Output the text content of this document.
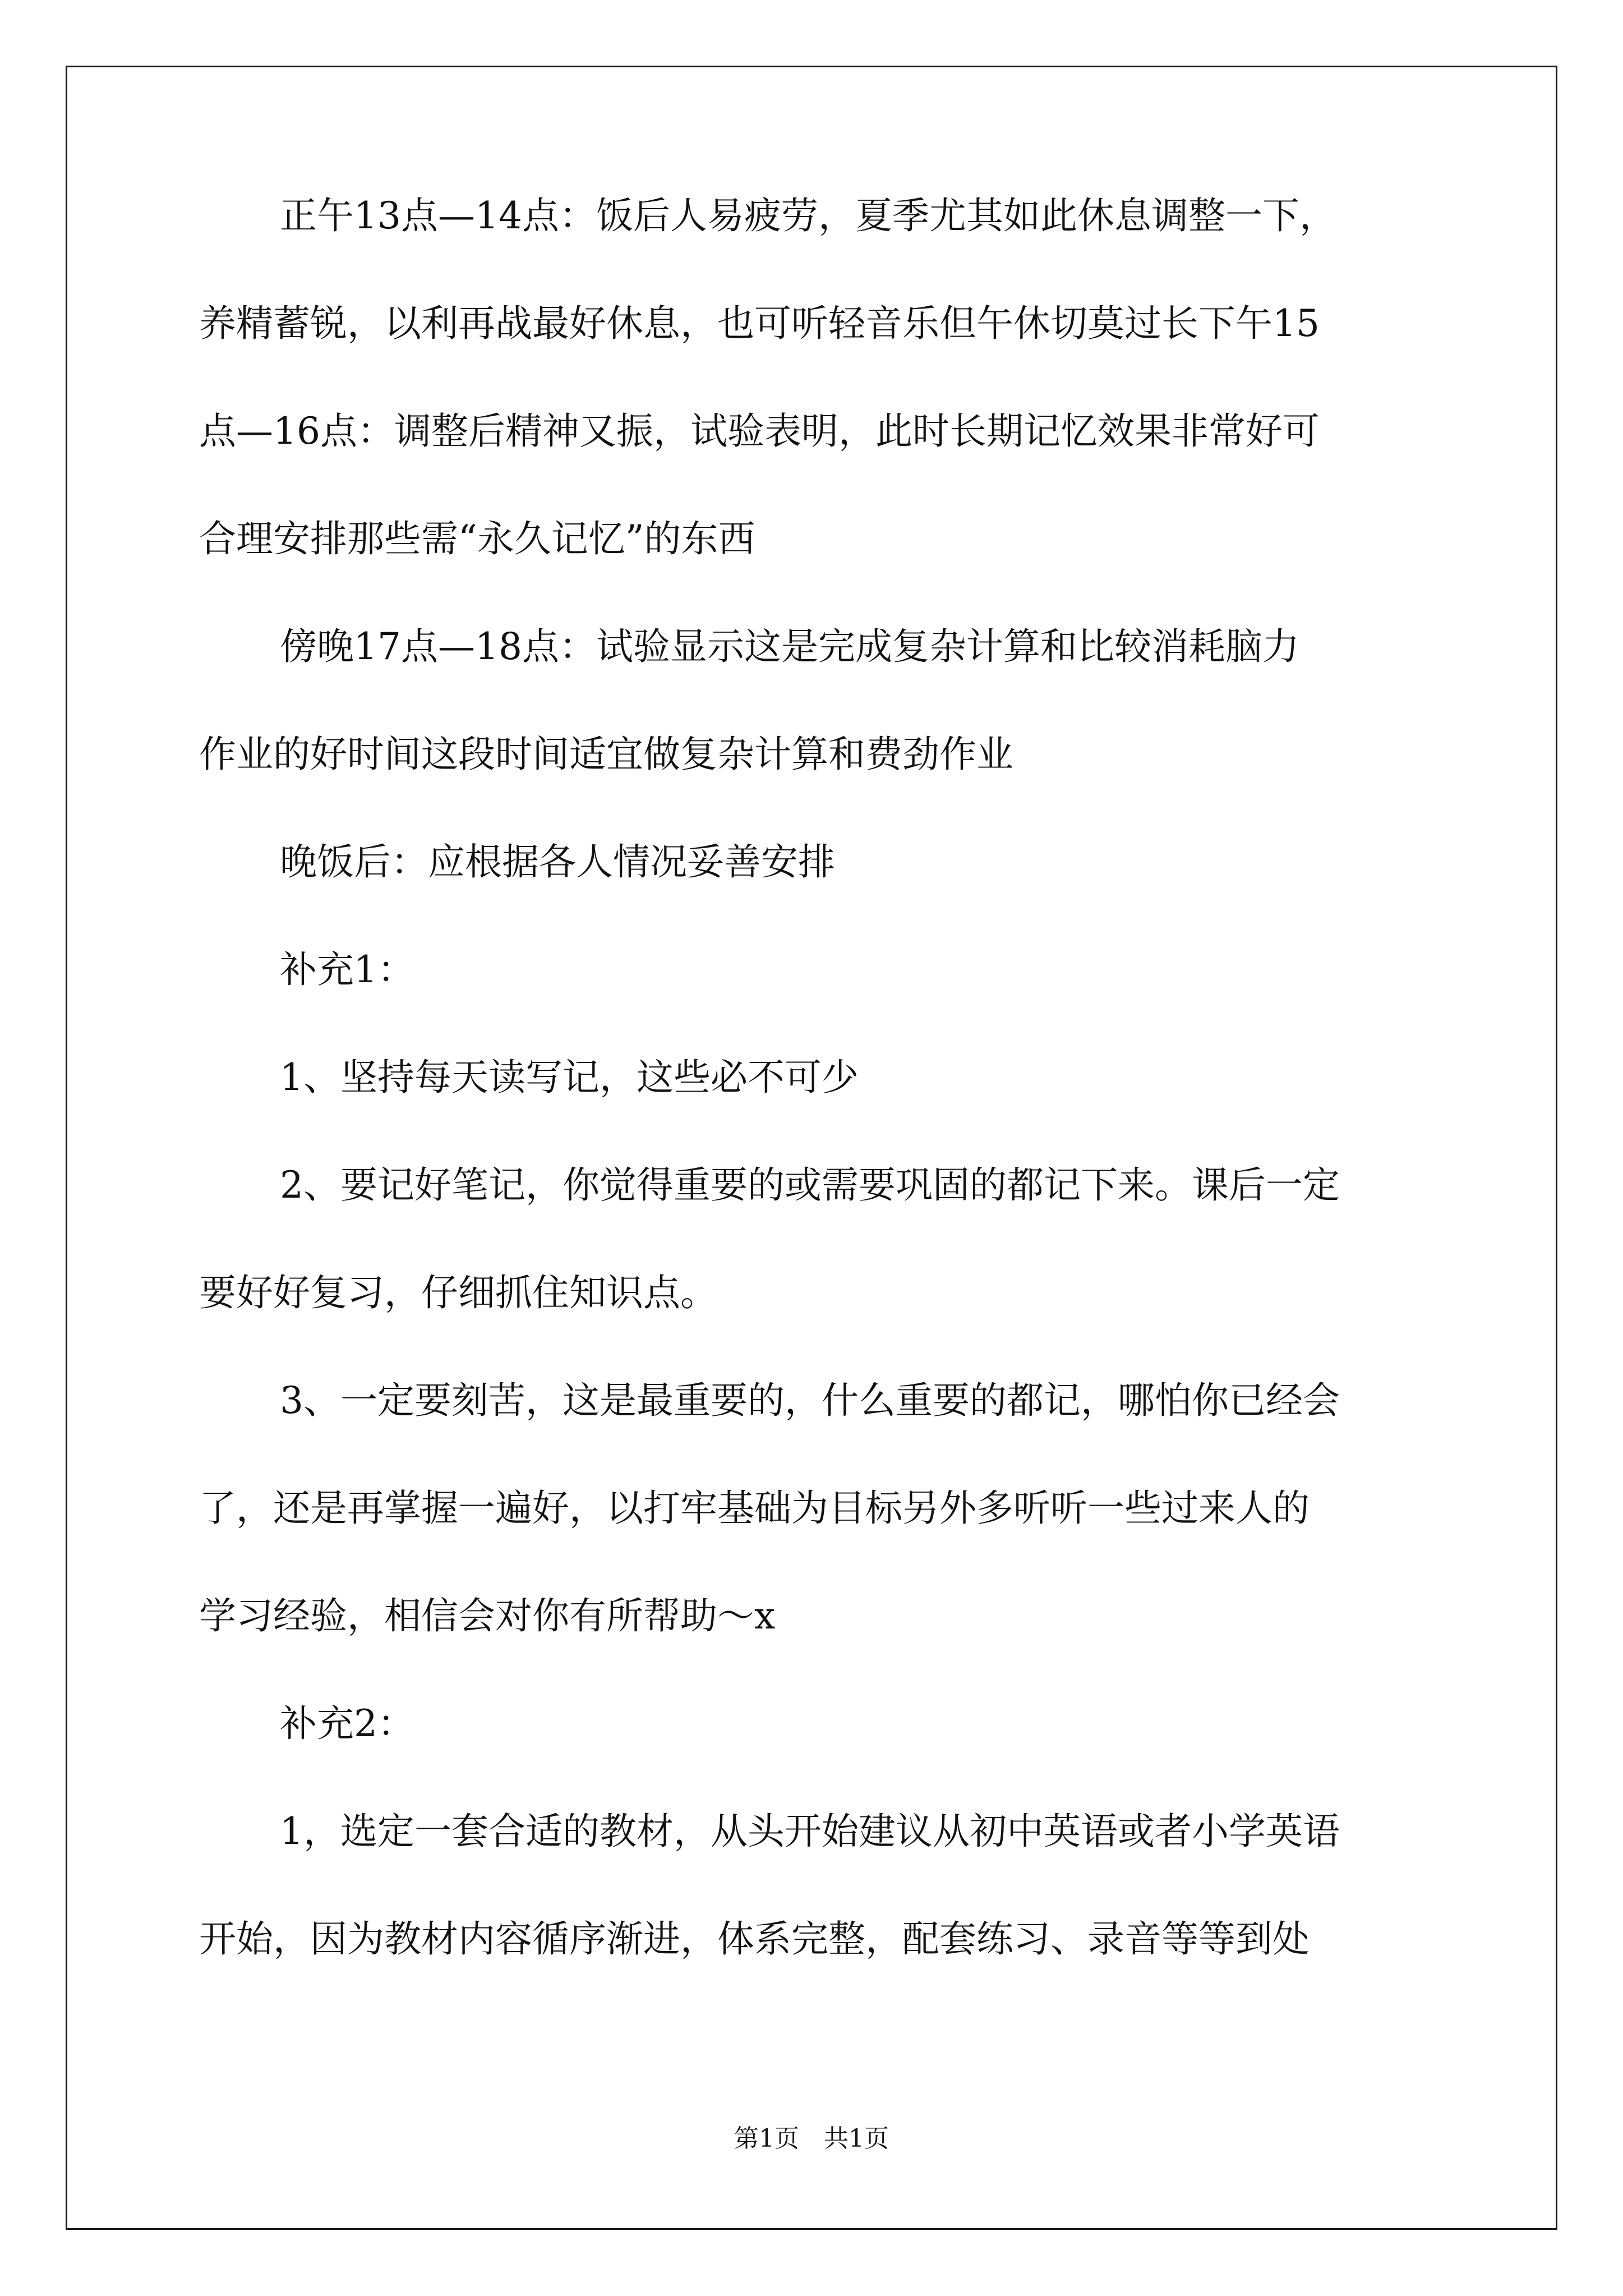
正午13点—14点：饭后人易疲劳，夏季尤其如此休息调整一下，
养精蓄锐，以利再战最好休息，也可听轻音乐但午休切莫过长下午15
点—16点：调整后精神又振，试验表明，此时长期记忆效果非常好可
合理安排那些需“永久记忆”的东西
傍晚17点—18点：试验显示这是完成复杂计算和比较消耗脑力
作业的好时间这段时间适宜做复杂计算和费劲作业
晚饭后：应根据各人情况妥善安排
补充1：
1、坚持每天读写记，这些必不可少
2、要记好笔记，你觉得重要的或需要巩固的都记下来。课后一定
要好好复习，仔细抓住知识点。
3、一定要刻苦，这是最重要的，什么重要的都记，哪怕你已经会
了，还是再掌握一遍好，以打牢基础为目标另外多听听一些过来人的
学习经验，相信会对你有所帮助～x
补充2：
1，选定一套合适的教材，从头开始建议从初中英语或者小学英语
开始，因为教材内容循序渐进，体系完整，配套练习、录音等等到处
第1页　共1页
